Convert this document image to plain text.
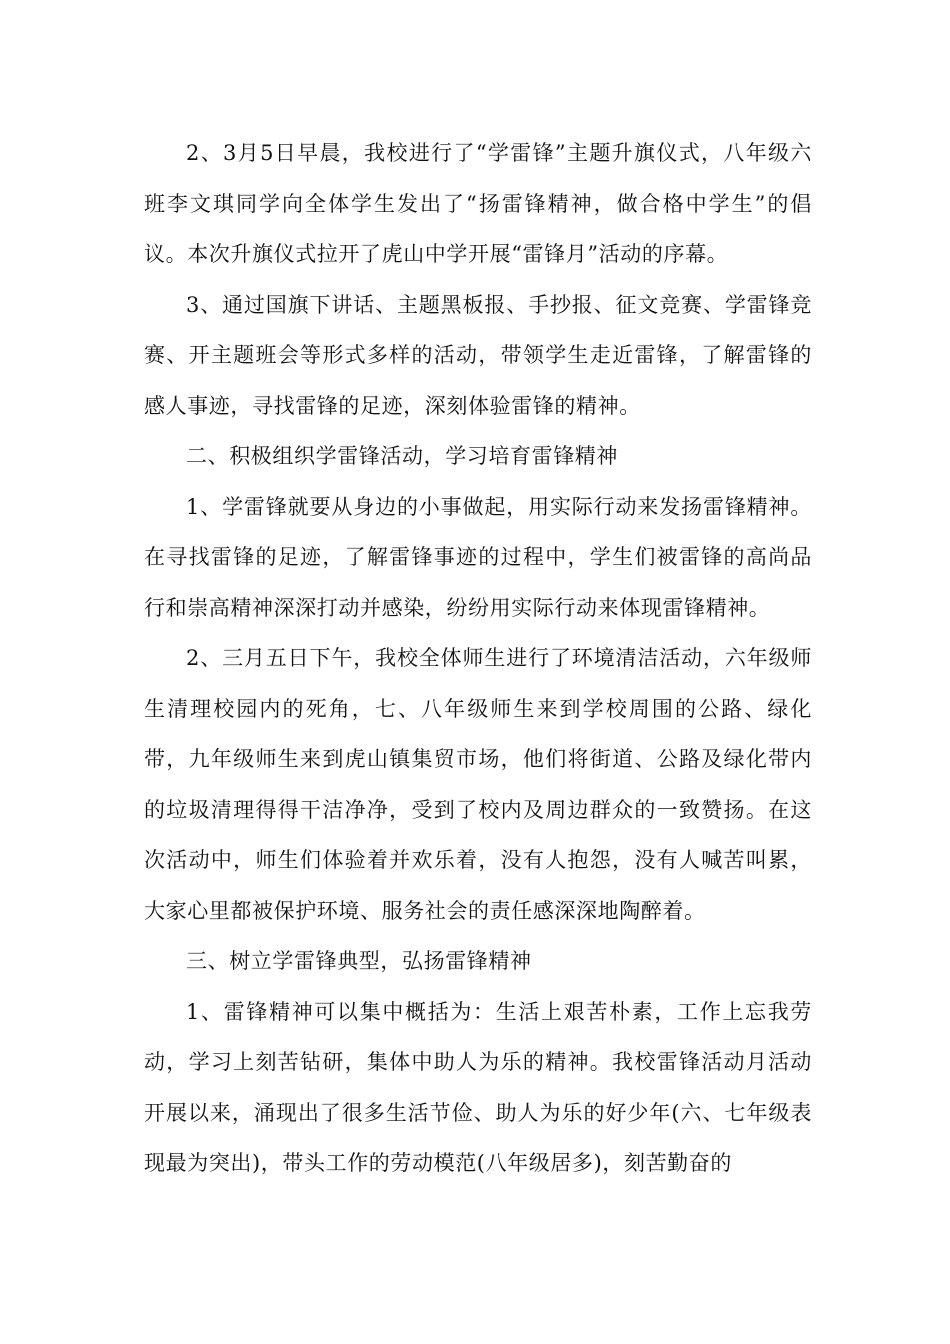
2、3月5日早晨，我校进行了“学雷锋”主题升旗仪式，八年级六班李文琪同学向全体学生发出了“扬雷锋精神，做合格中学生”的倡议。本次升旗仪式拉开了虎山中学开展“雷锋月”活动的序幕。

3、通过国旗下讲话、主题黑板报、手抄报、征文竞赛、学雷锋竞赛、开主题班会等形式多样的活动，带领学生走近雷锋，了解雷锋的感人事迹，寻找雷锋的足迹，深刻体验雷锋的精神。

二、积极组织学雷锋活动，学习培育雷锋精神

1、学雷锋就要从身边的小事做起，用实际行动来发扬雷锋精神。在寻找雷锋的足迹，了解雷锋事迹的过程中，学生们被雷锋的高尚品行和崇高精神深深打动并感染，纷纷用实际行动来体现雷锋精神。

2、三月五日下午，我校全体师生进行了环境清洁活动，六年级师生清理校园内的死角，七、八年级师生来到学校周围的公路、绿化带，九年级师生来到虎山镇集贸市场，他们将街道、公路及绿化带内的垃圾清理得得干洁净净，受到了校内及周边群众的一致赞扬。在这次活动中，师生们体验着并欢乐着，没有人抱怨，没有人喊苦叫累，大家心里都被保护环境、服务社会的责任感深深地陶醉着。

三、树立学雷锋典型，弘扬雷锋精神

1、雷锋精神可以集中概括为：生活上艰苦朴素，工作上忘我劳动，学习上刻苦钻研，集体中助人为乐的精神。我校雷锋活动月活动开展以来，涌现出了很多生活节俭、助人为乐的好少年(六、七年级表现最为突出)，带头工作的劳动模范(八年级居多)，刻苦勤奋的
